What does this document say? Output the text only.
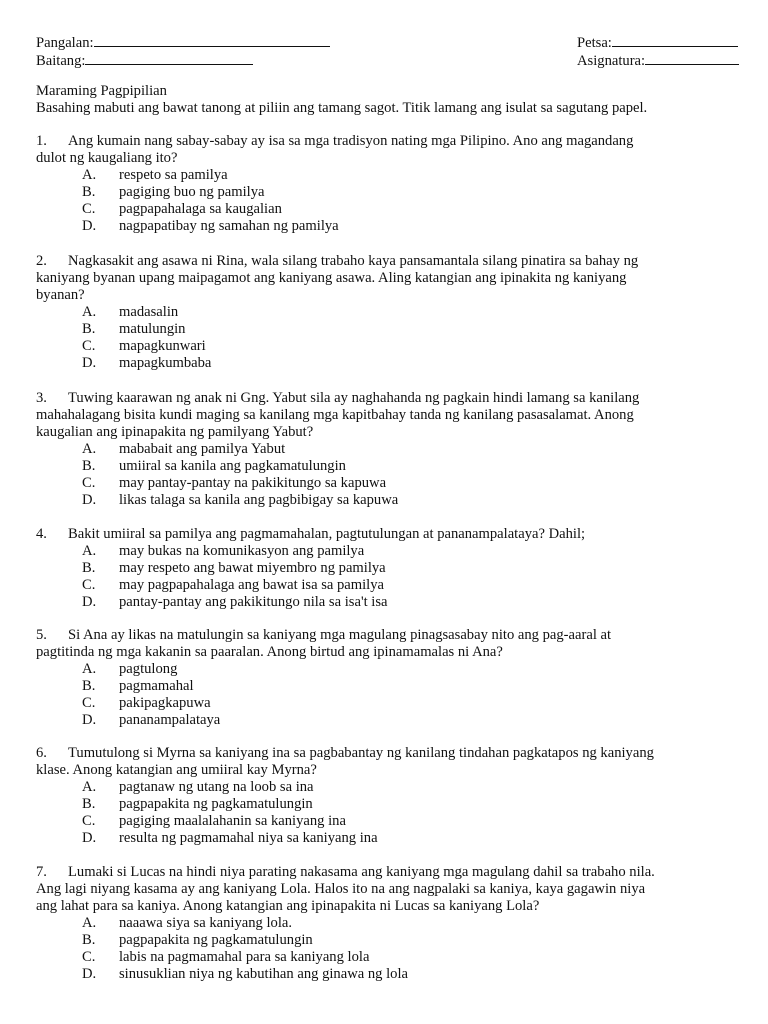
Pangalan:	Petsa:
Baitang:	Asignatura:
Maraming Pagpipilian
Basahing mabuti ang bawat tanong at piliin ang tamang sagot. Titik lamang ang isulat sa sagutang papel.
1. Ang kumain nang sabay-sabay ay isa sa mga tradisyon nating mga Pilipino. Ano ang magandang
dulot ng kaugaliang ito?
A. respeto sa pamilya
B. pagiging buo ng pamilya
C. pagpapahalaga sa kaugalian
D. nagpapatibay ng samahan ng pamilya
2. Nagkasakit ang asawa ni Rina, wala silang trabaho kaya pansamantala silang pinatira sa bahay ng
kaniyang byanan upang maipagamot ang kaniyang asawa. Aling katangian ang ipinakita ng kaniyang
byanan?
A. madasalin
B. matulungin
C. mapagkunwari
D. mapagkumbaba
3. Tuwing kaarawan ng anak ni Gng. Yabut sila ay naghahanda ng pagkain hindi lamang sa kanilang
mahahalagang bisita kundi maging sa kanilang mga kapitbahay tanda ng kanilang pasasalamat. Anong
kaugalian ang ipinapakita ng pamilyang Yabut?
A. mababait ang pamilya Yabut
B. umiiral sa kanila ang pagkamatulungin
C. may pantay-pantay na pakikitungo sa kapuwa
D. likas talaga sa kanila ang pagbibigay sa kapuwa
4. Bakit umiiral sa pamilya ang pagmamahalan, pagtutulungan at pananampalataya? Dahil;
A. may bukas na komunikasyon ang pamilya
B. may respeto ang bawat miyembro ng pamilya
C. may pagpapahalaga ang bawat isa sa pamilya
D. pantay-pantay ang pakikitungo nila sa isa't isa
5. Si Ana ay likas na matulungin sa kaniyang mga magulang pinagsasabay nito ang pag-aaral at
pagtitinda ng mga kakanin sa paaralan. Anong birtud ang ipinamamalas ni Ana?
A. pagtulong
B. pagmamahal
C. pakipagkapuwa
D. pananampalataya
6. Tumutulong si Myrna sa kaniyang ina sa pagbabantay ng kanilang tindahan pagkatapos ng kaniyang
klase. Anong katangian ang umiiral kay Myrna?
A. pagtanaw ng utang na loob sa ina
B. pagpapakita ng pagkamatulungin
C. pagiging maalalahanin sa kaniyang ina
D. resulta ng pagmamahal niya sa kaniyang ina
7. Lumaki si Lucas na hindi niya parating nakasama ang kaniyang mga magulang dahil sa trabaho nila.
Ang lagi niyang kasama ay ang kaniyang Lola. Halos ito na ang nagpalaki sa kaniya, kaya gagawin niya
ang lahat para sa kaniya. Anong katangian ang ipinapakita ni Lucas sa kaniyang Lola?
A. naaawa siya sa kaniyang lola.
B. pagpapakita ng pagkamatulungin
C. labis na pagmamahal para sa kaniyang lola
D. sinusuklian niya ng kabutihan ang ginawa ng lola
